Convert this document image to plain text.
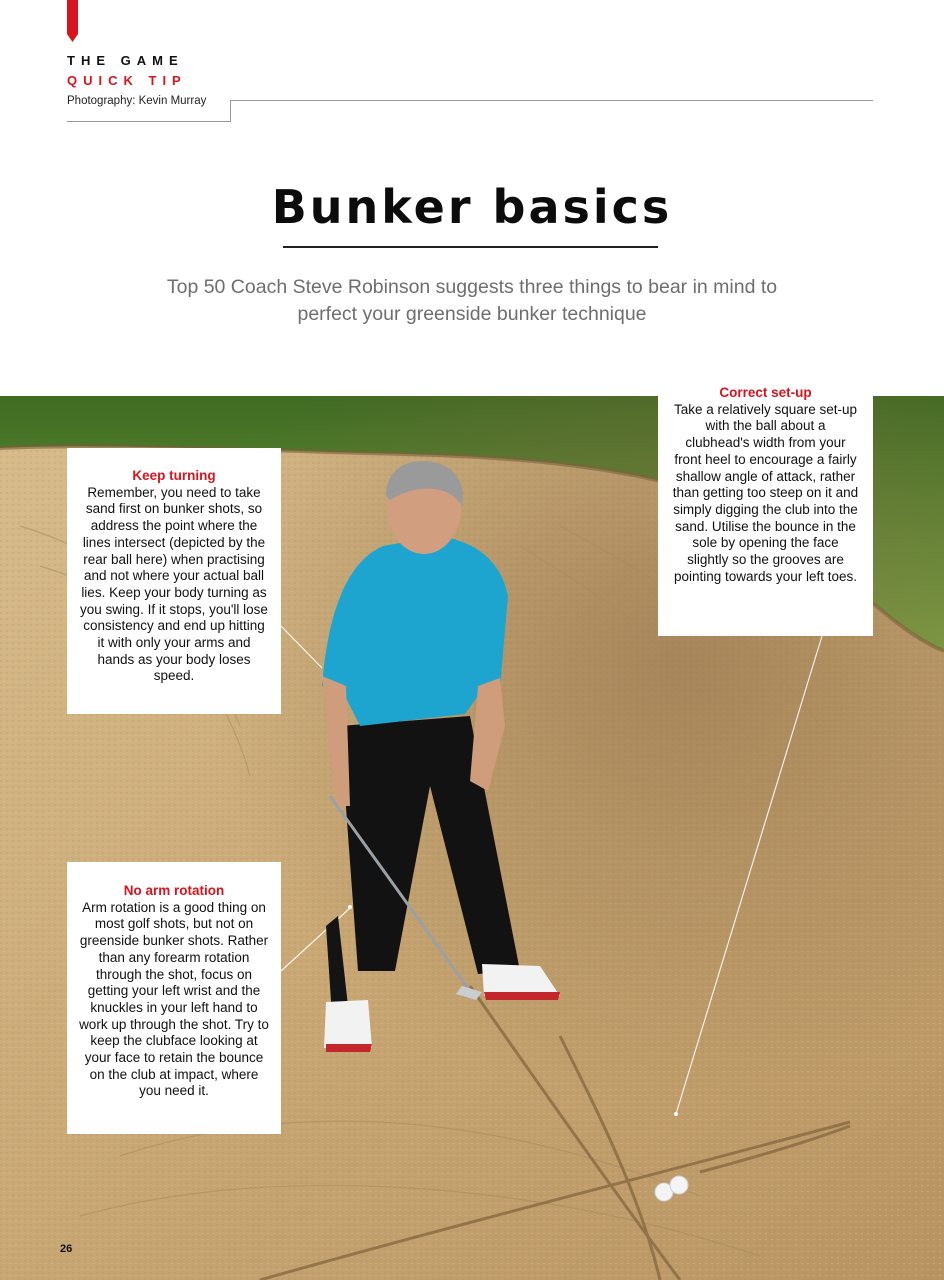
THE GAME
QUICK TIP
Photography: Kevin Murray
Bunker basics

Top 50 Coach Steve Robinson suggests three things to bear in mind to perfect your greenside bunker technique

Keep turning
Remember, you need to take sand first on bunker shots, so address the point where the lines intersect (depicted by the rear ball here) when practising and not where your actual ball lies. Keep your body turning as you swing. If it stops, you'll lose consistency and end up hitting it with only your arms and hands as your body loses speed.
Correct set-up
Take a relatively square set-up with the ball about a clubhead's width from your front heel to encourage a fairly shallow angle of attack, rather than getting too steep on it and simply digging the club into the sand. Utilise the bounce in the sole by opening the face slightly so the grooves are pointing towards your left toes.
No arm rotation
Arm rotation is a good thing on most golf shots, but not on greenside bunker shots. Rather than any forearm rotation through the shot, focus on getting your left wrist and the knuckles in your left hand to work up through the shot. Try to keep the clubface looking at your face to retain the bounce on the club at impact, where you need it.
26
